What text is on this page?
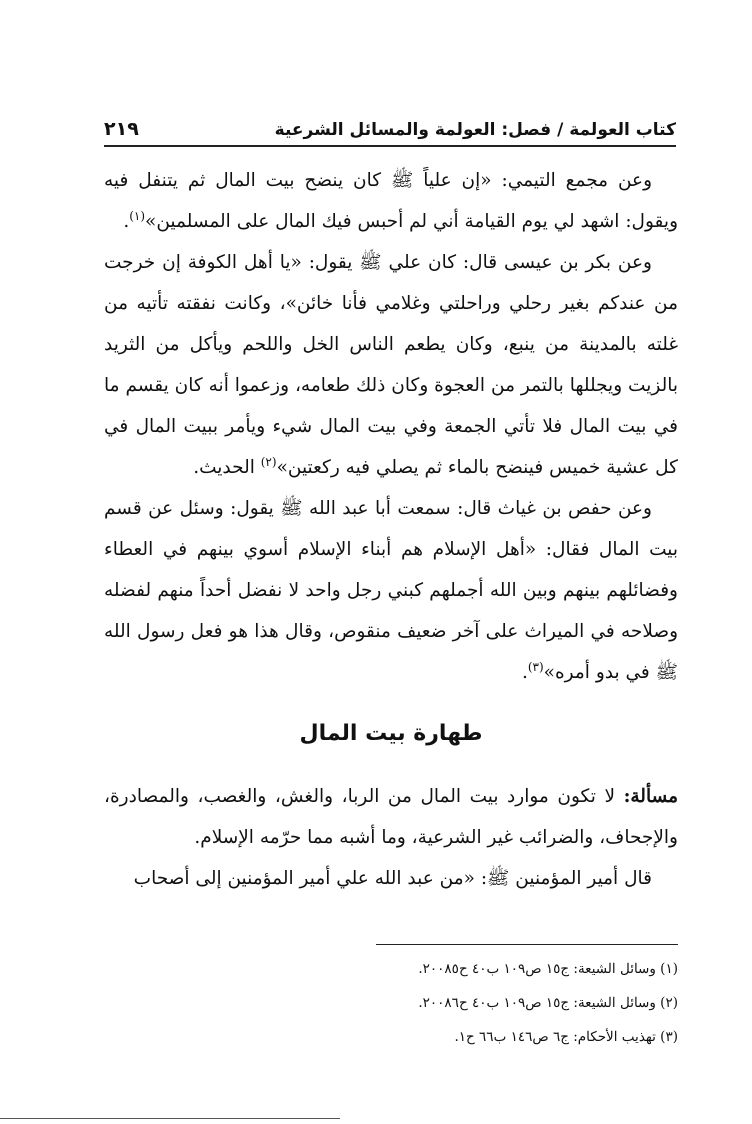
كتاب العولمة / فصل: العولمة والمسائل الشرعية
٢١٩

وعن مجمع التيمي: «إن علياً ﷺ كان ينضح بيت المال ثم يتنفل فيه ويقول: اشهد لي يوم القيامة أني لم أحبس فيك المال على المسلمين»$^{(١)}$.

وعن بكر بن عيسى قال: كان علي ﷺ يقول: «يا أهل الكوفة إن خرجت من عندكم بغير رحلي وراحلتي وغلامي فأنا خائن»، وكانت نفقته تأتيه من غلته بالمدينة من ينبع، وكان يطعم الناس الخل واللحم ويأكل من الثريد بالزيت ويجللها بالتمر من العجوة وكان ذلك طعامه، وزعموا أنه كان يقسم ما في بيت المال فلا تأتي الجمعة وفي بيت المال شيء ويأمر ببيت المال في كل عشية خميس فينضح بالماء ثم يصلي فيه ركعتين»$^{(٢)}$ الحديث.

وعن حفص بن غياث قال: سمعت أبا عبد الله ﷺ يقول: وسئل عن قسم بيت المال فقال: «أهل الإسلام هم أبناء الإسلام أسوي بينهم في العطاء وفضائلهم بينهم وبين الله أجملهم كبني رجل واحد لا نفضل أحداً منهم لفضله وصلاحه في الميراث على آخر ضعيف منقوص، وقال هذا هو فعل رسول الله ﷺ في بدو أمره»$^{(٣)}$.

طهارة بيت المال

مسألة: لا تكون موارد بيت المال من الربا، والغش، والغصب، والمصادرة، والإجحاف، والضرائب غير الشرعية، وما أشبه مما حرّمه الإسلام.

قال أمير المؤمنين ﷺ: «من عبد الله علي أمير المؤمنين إلى أصحاب

(١) وسائل الشيعة: ج١٥ ص١٠٩ ب٤٠ ح٢٠٠٨٥.
(٢) وسائل الشيعة: ج١٥ ص١٠٩ ب٤٠ ح٢٠٠٨٦.
(٣) تهذيب الأحكام: ج٦ ص١٤٦ ب٦٦ ح١.
